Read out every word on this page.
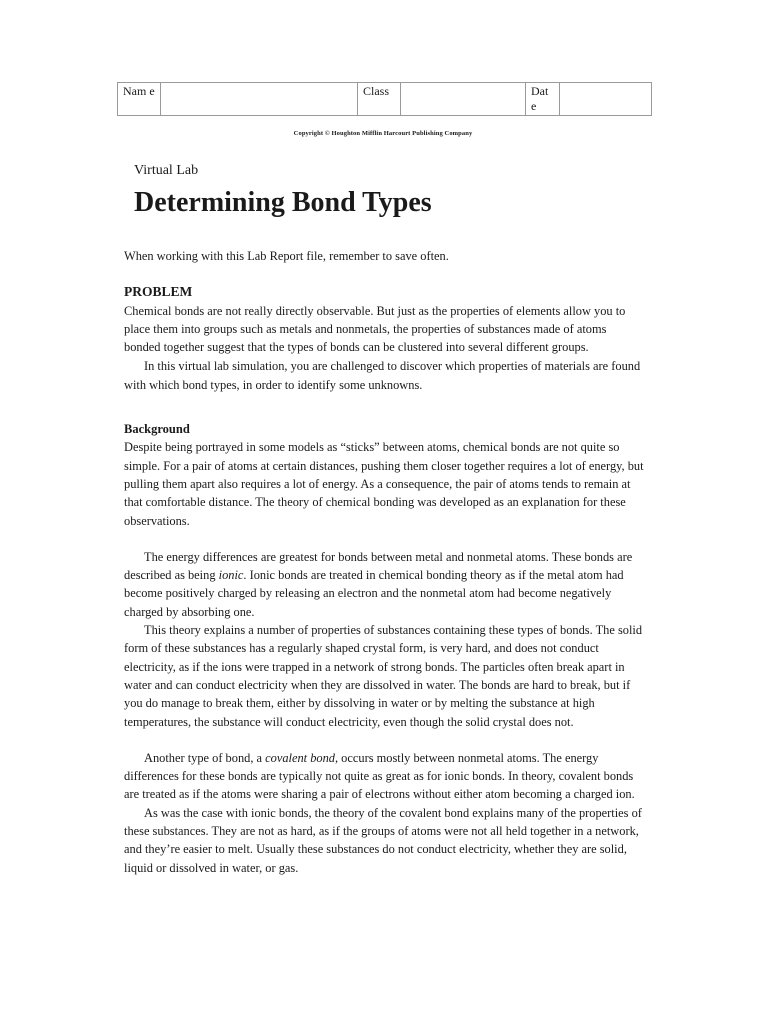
Nam e		Class		Dat e	
Copyright © Houghton Mifflin Harcourt Publishing Company
Virtual Lab
Determining Bond Types

When working with this Lab Report file, remember to save often.

PROBLEM

Chemical bonds are not really directly observable. But just as the properties of elements allow you to place them into groups such as metals and nonmetals, the properties of substances made of atoms bonded together suggest that the types of bonds can be clustered into several different groups.

In this virtual lab simulation, you are challenged to discover which properties of materials are found with which bond types, in order to identify some unknowns.

Background

Despite being portrayed in some models as “sticks” between atoms, chemical bonds are not quite so simple. For a pair of atoms at certain distances, pushing them closer together requires a lot of energy, but pulling them apart also requires a lot of energy. As a consequence, the pair of atoms tends to remain at that comfortable distance. The theory of chemical bonding was developed as an explanation for these observations.

The energy differences are greatest for bonds between metal and nonmetal atoms. These bonds are described as being ionic. Ionic bonds are treated in chemical bonding theory as if the metal atom had become positively charged by releasing an electron and the nonmetal atom had become negatively charged by absorbing one.

This theory explains a number of properties of substances containing these types of bonds. The solid form of these substances has a regularly shaped crystal form, is very hard, and does not conduct electricity, as if the ions were trapped in a network of strong bonds. The particles often break apart in water and can conduct electricity when they are dissolved in water. The bonds are hard to break, but if you do manage to break them, either by dissolving in water or by melting the substance at high temperatures, the substance will conduct electricity, even though the solid crystal does not.

Another type of bond, a covalent bond, occurs mostly between nonmetal atoms. The energy differences for these bonds are typically not quite as great as for ionic bonds. In theory, covalent bonds are treated as if the atoms were sharing a pair of electrons without either atom becoming a charged ion.

As was the case with ionic bonds, the theory of the covalent bond explains many of the properties of these substances. They are not as hard, as if the groups of atoms were not all held together in a network, and they’re easier to melt. Usually these substances do not conduct electricity, whether they are solid, liquid or dissolved in water, or gas.
